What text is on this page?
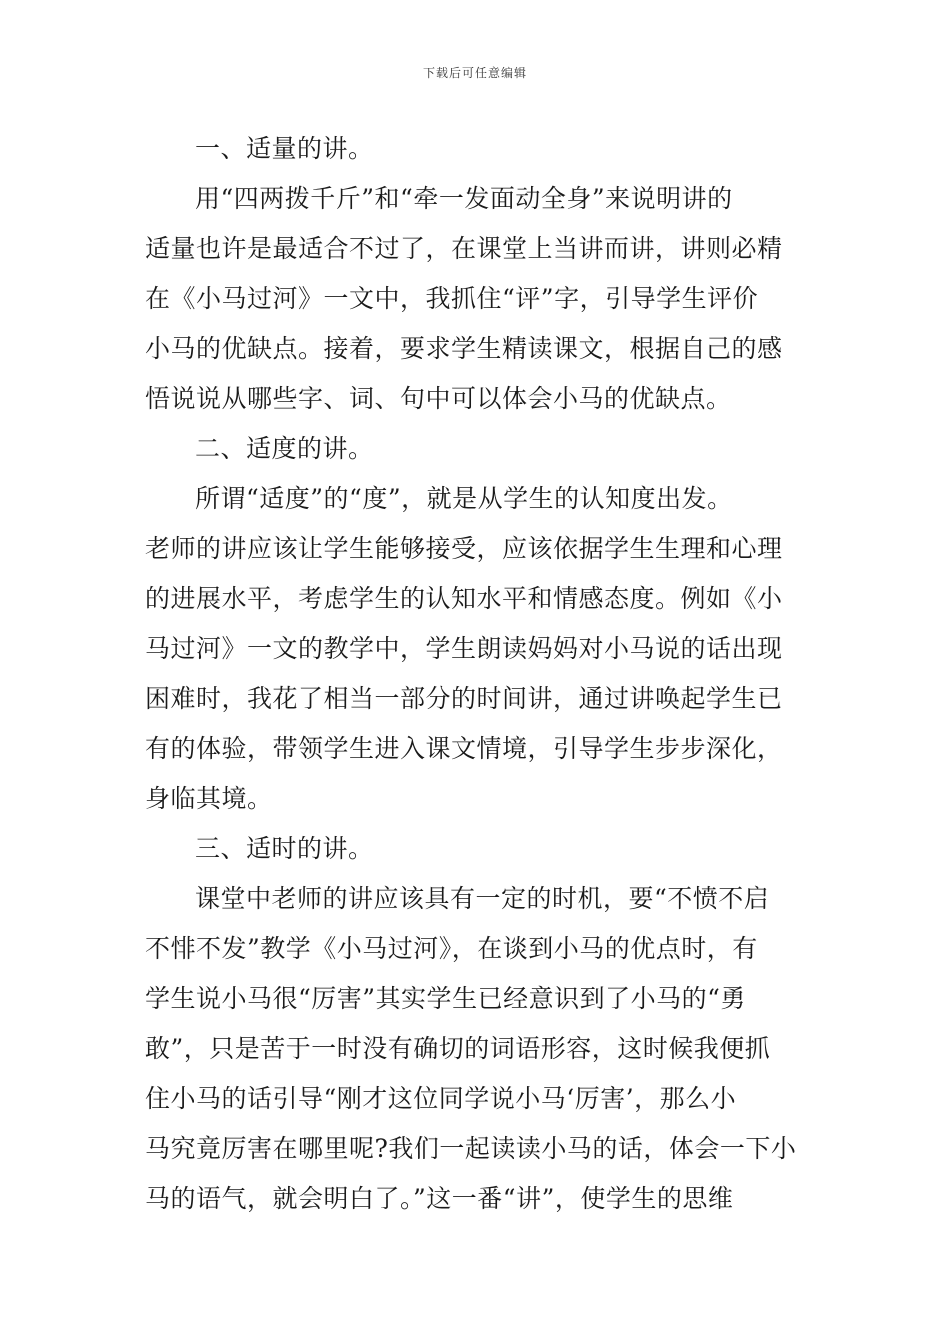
下载后可任意编辑
一、适量的讲。
用“四两拨千斤”和“牵一发面动全身”来说明讲的
适量也许是最适合不过了，在课堂上当讲而讲，讲则必精
在《小马过河》一文中，我抓住“评”字，引导学生评价
小马的优缺点。接着，要求学生精读课文，根据自己的感
悟说说从哪些字、词、句中可以体会小马的优缺点。
二、适度的讲。
所谓“适度”的“度”，就是从学生的认知度出发。
老师的讲应该让学生能够接受，应该依据学生生理和心理
的进展水平，考虑学生的认知水平和情感态度。例如《小
马过河》一文的教学中，学生朗读妈妈对小马说的话出现
困难时，我花了相当一部分的时间讲，通过讲唤起学生已
有的体验，带领学生进入课文情境，引导学生步步深化，
身临其境。
三、适时的讲。
课堂中老师的讲应该具有一定的时机，要“不愤不启
不悱不发”教学《小马过河》，在谈到小马的优点时，有
学生说小马很“厉害”其实学生已经意识到了小马的“勇
敢”，只是苦于一时没有确切的词语形容，这时候我便抓
住小马的话引导“刚才这位同学说小马‘厉害’，那么小
马究竟厉害在哪里呢?我们一起读读小马的话，体会一下小
马的语气，就会明白了。”这一番“讲”，使学生的思维
